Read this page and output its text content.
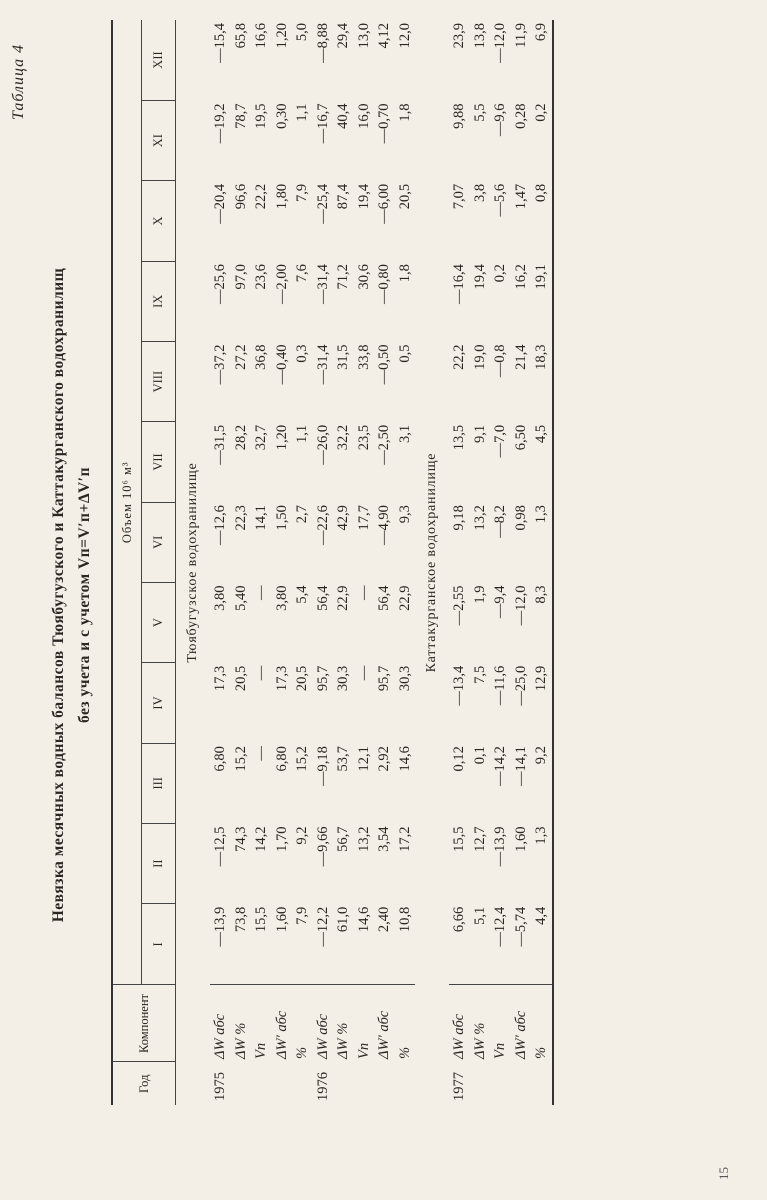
Таблица 4
Невязка месячных водных балансов Тюябугузского и Каттакурганского водохранилищ без учета и с учетом Vп=V′п+ΔV′п
15
Год	Компонент	Объем 10⁶ м³											
		I	II	III	IV	V	VI	VII	VIII	IX	X	XI	XII
Тюябугузское водохранилище													
1975	ΔW абс	—13,9	—12,5	6,80	17,3	3,80	—12,6	—31,5	—37,2	—25,6	—20,4	—19,2	—15,4
	ΔW %	73,8	74,3	15,2	20,5	5,40	22,3	28,2	27,2	97,0	96,6	78,7	65,8
	Vп	15,5	14,2	—	—	—	14,1	32,7	36,8	23,6	22,2	19,5	16,6
	ΔW′ абс	1,60	1,70	6,80	17,3	3,80	1,50	1,20	—0,40	—2,00	1,80	0,30	1,20
	%	7,9	9,2	15,2	20,5	5,4	2,7	1,1	0,3	7,6	7,9	1,1	5,0
1976	ΔW абс	—12,2	—9,66	—9,18	95,7	56,4	—22,6	—26,0	—31,4	—31,4	—25,4	—16,7	—8,88
	ΔW %	61,0	56,7	53,7	30,3	22,9	42,9	32,2	31,5	71,2	87,4	40,4	29,4
	Vп	14,6	13,2	12,1	—	—	17,7	23,5	33,8	30,6	19,4	16,0	13,0
	ΔW′ абс	2,40	3,54	2,92	95,7	56,4	—4,90	—2,50	—0,50	—0,80	—6,00	—0,70	4,12
	%	10,8	17,2	14,6	30,3	22,9	9,3	3,1	0,5	1,8	20,5	1,8	12,0
Каттакурганское водохранилище													
1977	ΔW абс	6,66	15,5	0,12	—13,4	—2,55	9,18	13,5	22,2	—16,4	7,07	9,88	23,9
	ΔW %	5,1	12,7	0,1	7,5	1,9	13,2	9,1	19,0	19,4	3,8	5,5	13,8
	Vп	—12,4	—13,9	—14,2	—11,6	—9,4	—8,2	—7,0	—0,8	0,2	—5,6	—9,6	—12,0
	ΔW′ абс	—5,74	1,60	—14,1	—25,0	—12,0	0,98	6,50	21,4	16,2	1,47	0,28	11,9
	%	4,4	1,3	9,2	12,9	8,3	1,3	4,5	18,3	19,1	0,8	0,2	6,9
